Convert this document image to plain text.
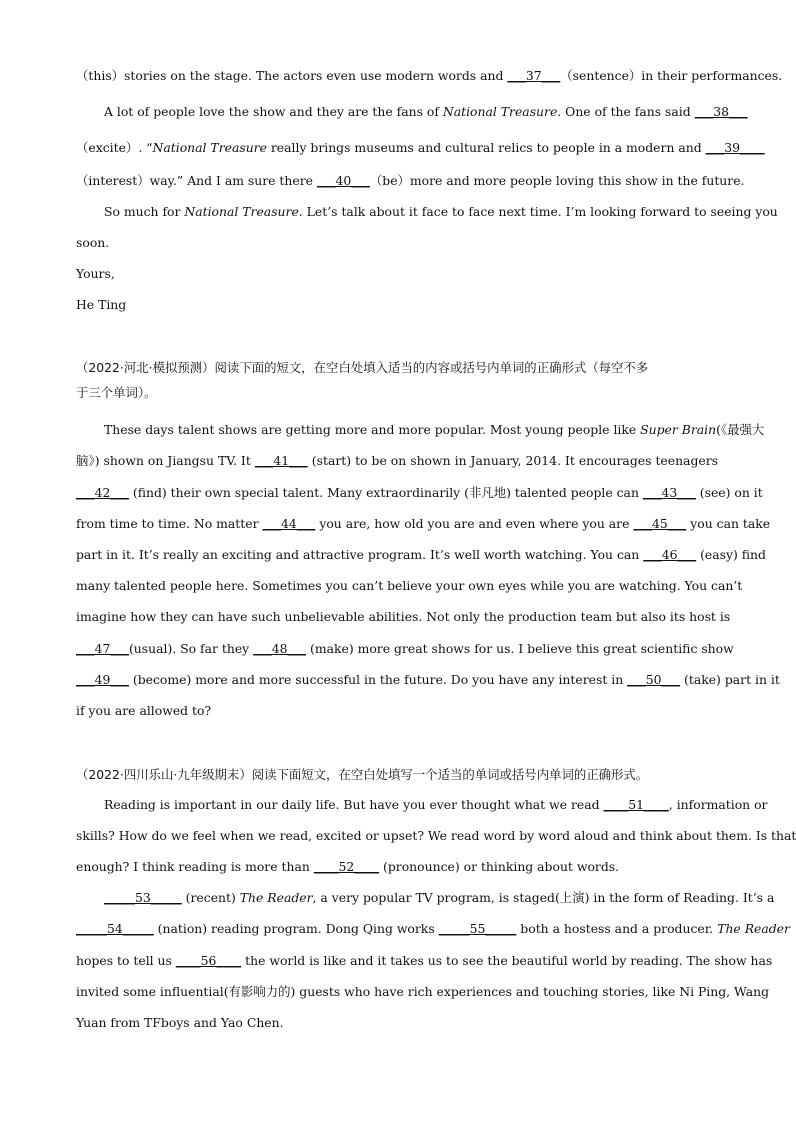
（this）stories on the stage. The actors even use modern words and ___37___（sentence）in their performances.
A lot of people love the show and they are the fans of National Treasure. One of the fans said ___38___
（excite）. “National Treasure really brings museums and cultural relics to people in a modern and ___39____
（interest）way.” And I am sure there ___40___（be）more and more people loving this show in the future.
So much for National Treasure. Let’s talk about it face to face next time. I’m looking forward to seeing you
soon.
Yours,
He Ting
（2022·河北·模拟预测）阅读下面的短文，在空白处填入适当的内容或括号内单词的正确形式（每空不多
于三个单词）。
These days talent shows are getting more and more popular. Most young people like Super Brain(《最强大
脑》) shown on Jiangsu TV. It ___41___ (start) to be on shown in January, 2014. It encourages teenagers
___42___ (find) their own special talent. Many extraordinarily (非凡地) talented people can ___43___ (see) on it
from time to time. No matter ___44___ you are, how old you are and even where you are ___45___ you can take
part in it. It’s really an exciting and attractive program. It’s well worth watching. You can ___46___ (easy) find
many talented people here. Sometimes you can’t believe your own eyes while you are watching. You can’t
imagine how they can have such unbelievable abilities. Not only the production team but also its host is
___47___(usual). So far they ___48___ (make) more great shows for us. I believe this great scientific show
___49___ (become) more and more successful in the future. Do you have any interest in ___50___ (take) part in it
if you are allowed to?
（2022·四川乐山·九年级期末）阅读下面短文，在空白处填写一个适当的单词或括号内单词的正确形式。
Reading is important in our daily life. But have you ever thought what we read ____51____, information or
skills? How do we feel when we read, excited or upset? We read word by word aloud and think about them. Is that
enough? I think reading is more than ____52____ (pronounce) or thinking about words.
_____53_____ (recent) The Reader, a very popular TV program, is staged(上演) in the form of Reading. It’s a
_____54_____ (nation) reading program. Dong Qing works _____55_____ both a hostess and a producer. The Reader
hopes to tell us ____56____ the world is like and it takes us to see the beautiful world by reading. The show has
invited some influential(有影响力的) guests who have rich experiences and touching stories, like Ni Ping, Wang
Yuan from TFboys and Yao Chen.
